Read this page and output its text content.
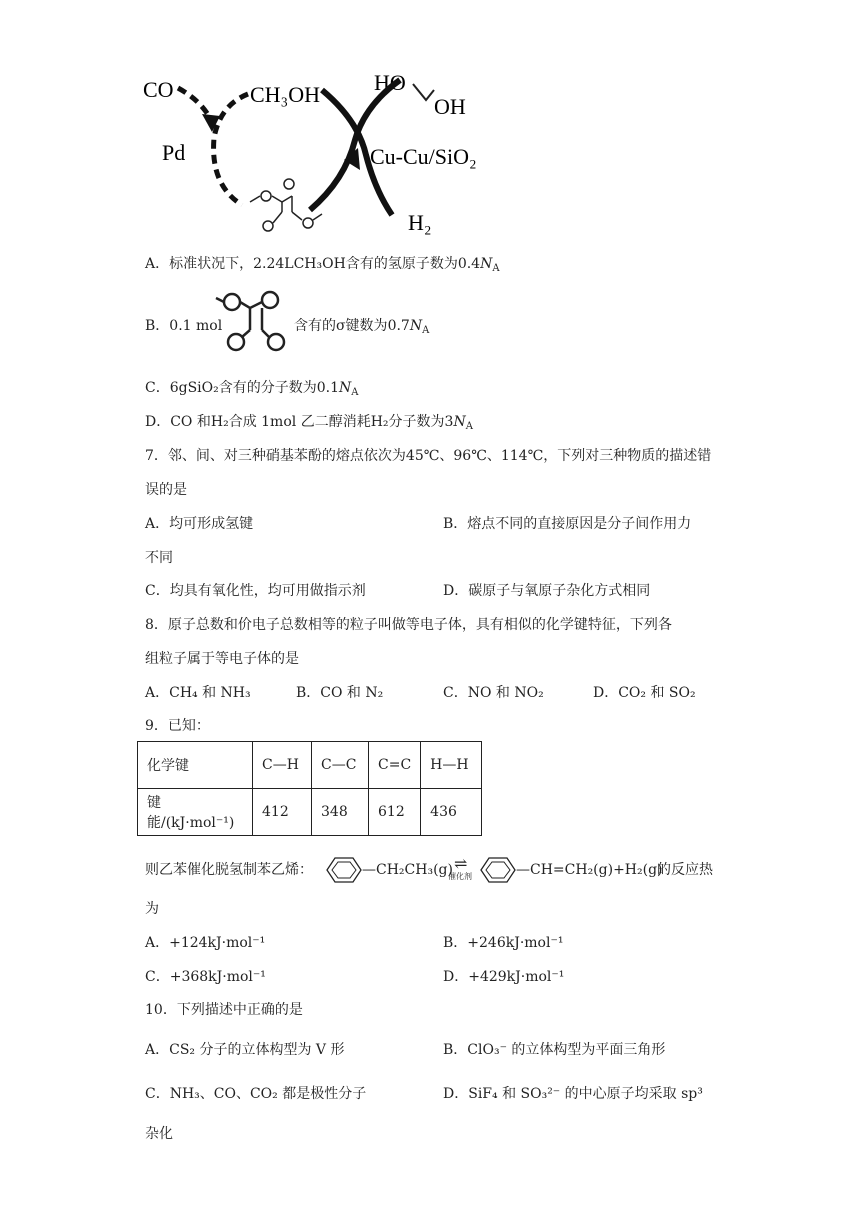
CO	CH₃OH
Pd	Cu-Cu/SiO₂
H₂
HO
OH
A．标准状况下，2.24LCH₃OH含有的氢原子数为$0.4N_A$
B．0.1 mol	含有的σ键数为$0.7N_A$
C．6gSiO₂含有的分子数为$0.1N_A$
D．CO 和H₂合成 1mol 乙二醇消耗H₂分子数为$3N_A$
7．邻、间、对三种硝基苯酚的熔点依次为45℃、96℃、114℃，下列对三种物质的描述错
误的是
A．均可形成氢键	B．熔点不同的直接原因是分子间作用力
不同
C．均具有氧化性，均可用做指示剂	D．碳原子与氧原子杂化方式相同
8．原子总数和价电子总数相等的粒子叫做等电子体，具有相似的化学键特征，下列各
组粒子属于等电子体的是
A．CH₄ 和 NH₃	B．CO 和 N₂	C．NO 和 NO₂	D．CO₂ 和 SO₂
9．已知：
化学键	C—H	C—C	C=C	H—H
键能/(kJ·mol⁻¹)	412	348	612	436
则乙苯催化脱氢制苯乙烯：	—CH₂CH₃(g) ⇌
催化剂	—CH=CH₂(g)+H₂(g)
的反应热
为
A．+124kJ·mol⁻¹	B．+246kJ·mol⁻¹
C．+368kJ·mol⁻¹	D．+429kJ·mol⁻¹
10．下列描述中正确的是
A．CS₂ 分子的立体构型为 V 形	B．ClO₃⁻ 的立体构型为平面三角形
C．NH₃、CO、CO₂ 都是极性分子	D．SiF₄ 和 SO₃²⁻ 的中心原子均采取 sp³
杂化
